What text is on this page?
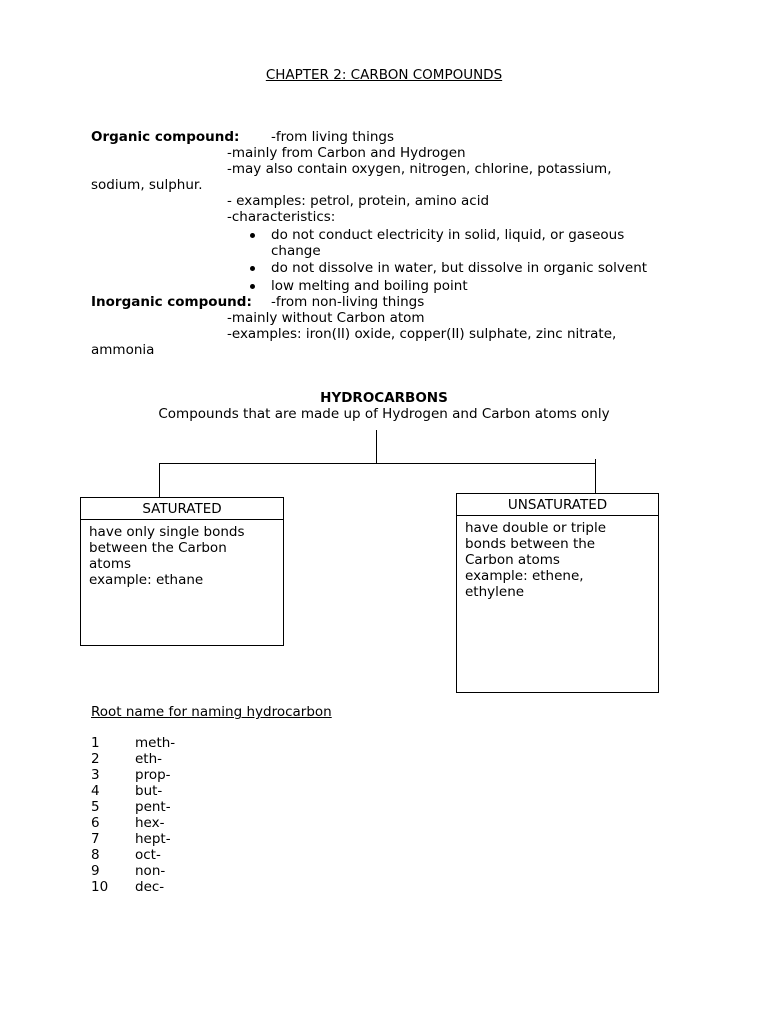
CHAPTER 2: CARBON COMPOUNDS
Organic compound: -from living things
-mainly from Carbon and Hydrogen
-may also contain oxygen, nitrogen, chlorine, potassium,
sodium, sulphur.
- examples: petrol, protein, amino acid
-characteristics:
do not conduct electricity in solid, liquid, or gaseous
change
do not dissolve in water, but dissolve in organic solvent
low melting and boiling point
Inorganic compound: -from non-living things
-mainly without Carbon atom
-examples: iron(II) oxide, copper(II) sulphate, zinc nitrate,
ammonia
HYDROCARBONS
Compounds that are made up of Hydrogen and Carbon atoms only
SATURATED
have only single bonds
between the Carbon
atoms
example: ethane
UNSATURATED
have double or triple
bonds between the
Carbon atoms
example: ethene,
ethylene
Root name for naming hydrocarbon
1	meth-
2	eth-
3	prop-
4	but-
5	pent-
6	hex-
7	hept-
8	oct-
9	non-
10 dec-
